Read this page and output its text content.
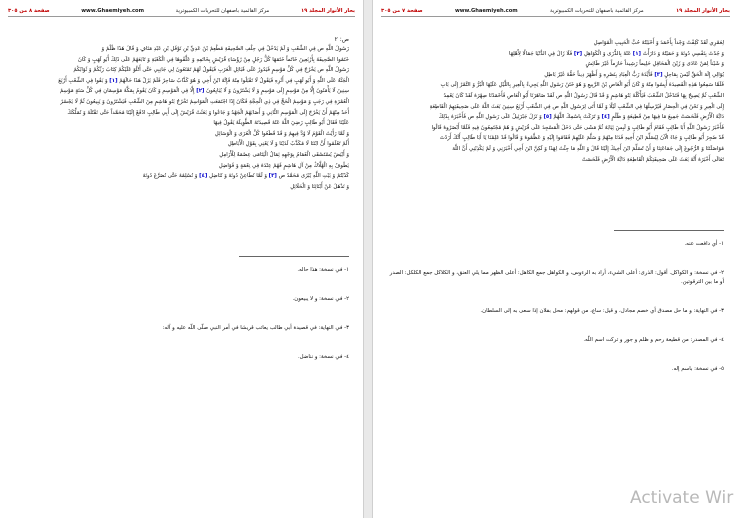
بحار الأنوار المجلد ١٩
مركز القائمية باصفهان للتحريات الكمبيوترية
www.Ghaemiyeh.com
صفحة ٨ من ٣٠٥
ص: ٢

رَسُولَ اللَّهِ ص فِي الشِّعْبِ وَ لَمْ يَدْخُلْ فِي حِلْفِ الصَّحِيفَةِ مُطْعِمُ بْنُ عَدِيِّ بْنِ نَوْفَلِ بْنِ عَبْدِ مَنَافٍ وَ قَالَ هَذَا ظُلْمٌ وَ

خَتَمُوا الصَّحِيفَةَ بِأَرْبَعِينَ خَاتَماً خَتَمَهَا كُلُّ رَجُلٍ مِنْ رُؤَسَاءِ قُرَيْشٍ بِخَاتَمِهِ وَ عَلَّقُوهَا فِي الْكَعْبَةِ وَ تَابَعَهُمْ عَلَى ذَلِكَ أَبُو لَهَبٍ وَ كَانَ

رَسُولُ اللَّهِ ص يَخْرُجُ فِي كُلِّ مَوْسِمٍ فَيَدُورُ عَلَى قَبَائِلِ الْعَرَبِ فَيَقُولُ لَهُمْ تَمْنَعُونَ لِي جَانِبِي حَتَّى أَتْلُوَ عَلَيْكُمْ كِتَابَ رَبِّكُمْ وَ ثَوَابُكُمُ

الْجَنَّةُ عَلَى اللَّهِ وَ أَبُو لَهَبٍ فِي أَثَرِهِ فَيَقُولُ لَا تَقْبَلُوا مِنْهُ فَإِنَّهُ ابْنُ أَخِي وَ هُوَ كَذَّابٌ سَاحِرٌ فَلَمْ يَزَلْ هَذَا حَالَهُمْ [١] وَ بَقُوا فِي الشِّعْبِ أَرْبَعَ

سِنِينَ لَا يَأْمَنُونَ إِلَّا مِنْ مَوْسِمٍ إِلَى مَوْسِمٍ وَ لَا يَشْتَرُونَ وَ لَا يُبَايِعُونَ [٢] إِلَّا فِي الْمَوْسِمِ وَ كَانَ يَقُومُ بِمَكَّةَ مَوْسِمَانِ فِي كُلِّ سَنَةٍ مَوْسِمُ

الْعُمْرَةِ فِي رَجَبٍ وَ مَوْسِمُ الْحَجِّ فِي ذِي الْحِجَّةِ فَكَانَ إِذَا اجْتَمَعَتِ الْمَوَاسِمُ تَخْرُجُ بَنُو هَاشِمٍ مِنَ الشِّعْبِ فَيَشْتَرُونَ وَ يَبِيعُونَ ثُمَّ لَا يَجْسُرُ

أَحَدٌ مِنْهُمْ أَنْ يَخْرُجَ إِلَى الْمَوْسِمِ الثَّانِي وَ أَصَابَهُمُ الْجَهْدُ وَ جَاعُوا وَ بَعَثَتْ قُرَيْشٌ إِلَى أَبِي طَالِبٍ ادْفَعْ إِلَيْنَا مُحَمَّداً حَتَّى نَقْتُلَهُ وَ نُمَلِّكَكَ

عَلَيْنَا فَقَالَ أَبُو طَالِبٍ رَضِيَ اللَّهُ عَنْهُ قَصِيدَتَهُ الطَّوِيلَةَ يَقُولُ فِيهَا

وَ لَمَّا رَأَيْتُ الْقَوْمَ لَا وُدَّ فِيهِمُ وَ قَدْ قَطَعُوا كُلَّ الْعُرَى وَ الْوَسَائِلِ

أَلَمْ تَعْلَمُوا أَنَّ ابْنَنَا لَا مُكَذَّبٌ لَدَيْنَا وَ لَا يَعْنِي بِقَوْلِ الْأَبَاطِلِ

وَ أَبْيَضُ يُسْتَسْقَى الْغَمَامُ بِوَجْهِهِ ثِمَالُ الْيَتَامَى عِصْمَةٌ لِلْأَرَامِلِ

يَطُوفُ بِهِ الْهُلَّاكُ مِنْ آلِ هَاشِمٍ فَهُمْ عِنْدَهُ فِي نِعْمَةٍ وَ فَوَاضِلِ

كَذَبْتُمْ وَ بَيْتِ اللَّهِ يُبْزَى مُحَمَّدٌ ص [٣] وَ لَمَّا نُطَاعِنْ دُونَهُ وَ نُنَاضِلِ [٤] وَ نُسْلِمُهُ حَتَّى نُصَرَّعَ دُونَهُ

وَ نَذْهَلَ عَنْ أَبْنَائِنَا وَ الْحَلَائِلِ

١- في نسخة: هذا حاله.

٢- في نسخة: و لا يبيعون.

٣- في النهاية: في قصيدة أبي طالب يعاتب قريشا في أمر النبي صلّى اللّه عليه و آله:

٤- في نسخة: و نناضل.

بحار الأنوار المجلد ١٩
مركز القائمية باصفهان للتحريات الكمبيوترية
www.Ghaemiyeh.com
صفحة ٧ من ٣٠٥

لِعَمْرِي لَقَدْ كَلِفْتُ وَجْداً بِأَحْمَدَ وَ أَحْبَبْتُهُ حُبَّ الْحَبِيبِ الْمُوَاصِلِ

وَ جُدْتُ بِنَفْسِي دُونَهُ وَ حَمَيْتُهُ وَ دَارَأْتُ [١] عَنْهُ بِالذُّرَى وَ الْكَوَاهِلِ [٢] فَلَا زَالَ فِي الدُّنْيَا جَمَالًا لِأَهْلِهَا

وَ شَيْناً لِمَنْ عَادَى وَ زَيْنَ الْمَحَافِلِ حَلِيماً رَشِيداً حَازِماً غَيْرَ طَائِشٍ

يُوَالِي إِلَهَ الْحَقِّ لَيْسَ بِمَاحِلٍ [٣] فَأَيَّدَهُ رَبُّ الْعِبَادِ بِنَصْرِهِ وَ أَظْهَرَ دِيناً حَقُّهُ غَيْرُ بَاطِلِ

فَلَمَّا سَمِعُوا هَذِهِ الْقَصِيدَةَ أَيِسُوا مِنْهُ وَ كَانَ أَبُو الْعَاصِ بْنُ الرَّبِيعِ وَ هُوَ خَتَنُ رَسُولِ اللَّهِ يَجِيءُ بِالْعِيرِ بِاللَّيْلِ عَلَيْهَا الْبُرُّ وَ التَّمْرُ إِلَى بَابِ

الشِّعْبِ ثُمَّ يَصِيحُ بِهَا فَتَدْخُلُ الشِّعْبَ فَيَأْكُلُهُ بَنُو هَاشِمٍ وَ قَدْ قَالَ رَسُولُ اللَّهِ ص لَقَدْ صَاهَرَنَا أَبُو الْعَاصِ فَأَحْمَدْنَا صِهْرَهُ لَقَدْ كَانَ يَعْمِدُ

إِلَى الْعِيرِ وَ نَحْنُ فِي الْحِصَارِ فَيُرْسِلُهَا فِي الشِّعْبِ لَيْلًا وَ لَمَّا أَتَى لِرَسُولِ اللَّهِ ص فِي الشِّعْبِ أَرْبَعُ سِنِينَ بَعَثَ اللَّهُ عَلَى صَحِيفَتِهِمُ الْقَاطِعَةِ

دَابَّةَ الْأَرْضِ فَلَحَسَتْ جَمِيعَ مَا فِيهَا مِنْ قَطِيعَةٍ وَ ظُلْمٍ [٤] وَ تَرَكَتْ بِاسْمِكَ اللَّهُمَّ [٥] وَ نَزَلَ جَبْرَئِيلُ عَلَى رَسُولِ اللَّهِ ص فَأَخْبَرَهُ بِذَلِكَ

فَأَخْبَرَ رَسُولُ اللَّهِ أَبَا طَالِبٍ فَقَامَ أَبُو طَالِبٍ وَ لَبِسَ ثِيَابَهُ ثُمَّ مَشَى حَتَّى دَخَلَ الْمَسْجِدَ عَلَى قُرَيْشٍ وَ هُمْ مُجْتَمِعُونَ فِيهِ فَلَمَّا أَبْصَرُوهُ قَالُوا

قَدْ ضَجِرَ أَبُو طَالِبٍ وَ جَاءَ الْآنَ لِيُسَلِّمَ ابْنَ أَخِيهِ فَدَنَا مِنْهُمْ وَ سَلَّمَ عَلَيْهِمْ فَقَامُوا إِلَيْهِ وَ عَظَّمُوهُ وَ قَالُوا قَدْ عَلِمْنَا يَا أَبَا طَالِبٍ أَنَّكَ أَرَدْتَ

مُوَاصَلَتَنَا وَ الرُّجُوعَ إِلَى جَمَاعَتِنَا وَ أَنْ تُسَلِّمَ ابْنَ أَخِيكَ إِلَيْنَا قَالَ وَ اللَّهِ مَا جِئْتُ لِهَذَا وَ لَكِنَّ ابْنَ أَخِي أَخْبَرَنِي وَ لَمْ يَكْذِبْنِي أَنَّ اللَّهَ

تَعَالَى أَخْبَرَهُ أَنَّهُ بَعَثَ عَلَى صَحِيفَتِكُمُ الْقَاطِعَةِ دَابَّةَ الْأَرْضِ فَلَحَسَتْ

١- أي دافعت عنه.

٢- في نسخة: و الكواكل. أقول: الذرى: أعلى الشيء، أراد به الرءوس، و الكواهل جمع الكاهل: أعلى الظهر مما يلي العنق، و الكلاكل جمع الكلكل: الصدر أو ما بين الترقوتين.

٣- في النهاية: و ما حل مصدق أي خصم مجادل، و قيل: ساع، من قولهم: محل بفلان إذا سعى به إلى السلطان.

٤- في المصدر: من قطيعة رحم و ظلم و جور و تركت اسم اللّه.

٥- في نسخة: باسم إله.

Activate Wir
